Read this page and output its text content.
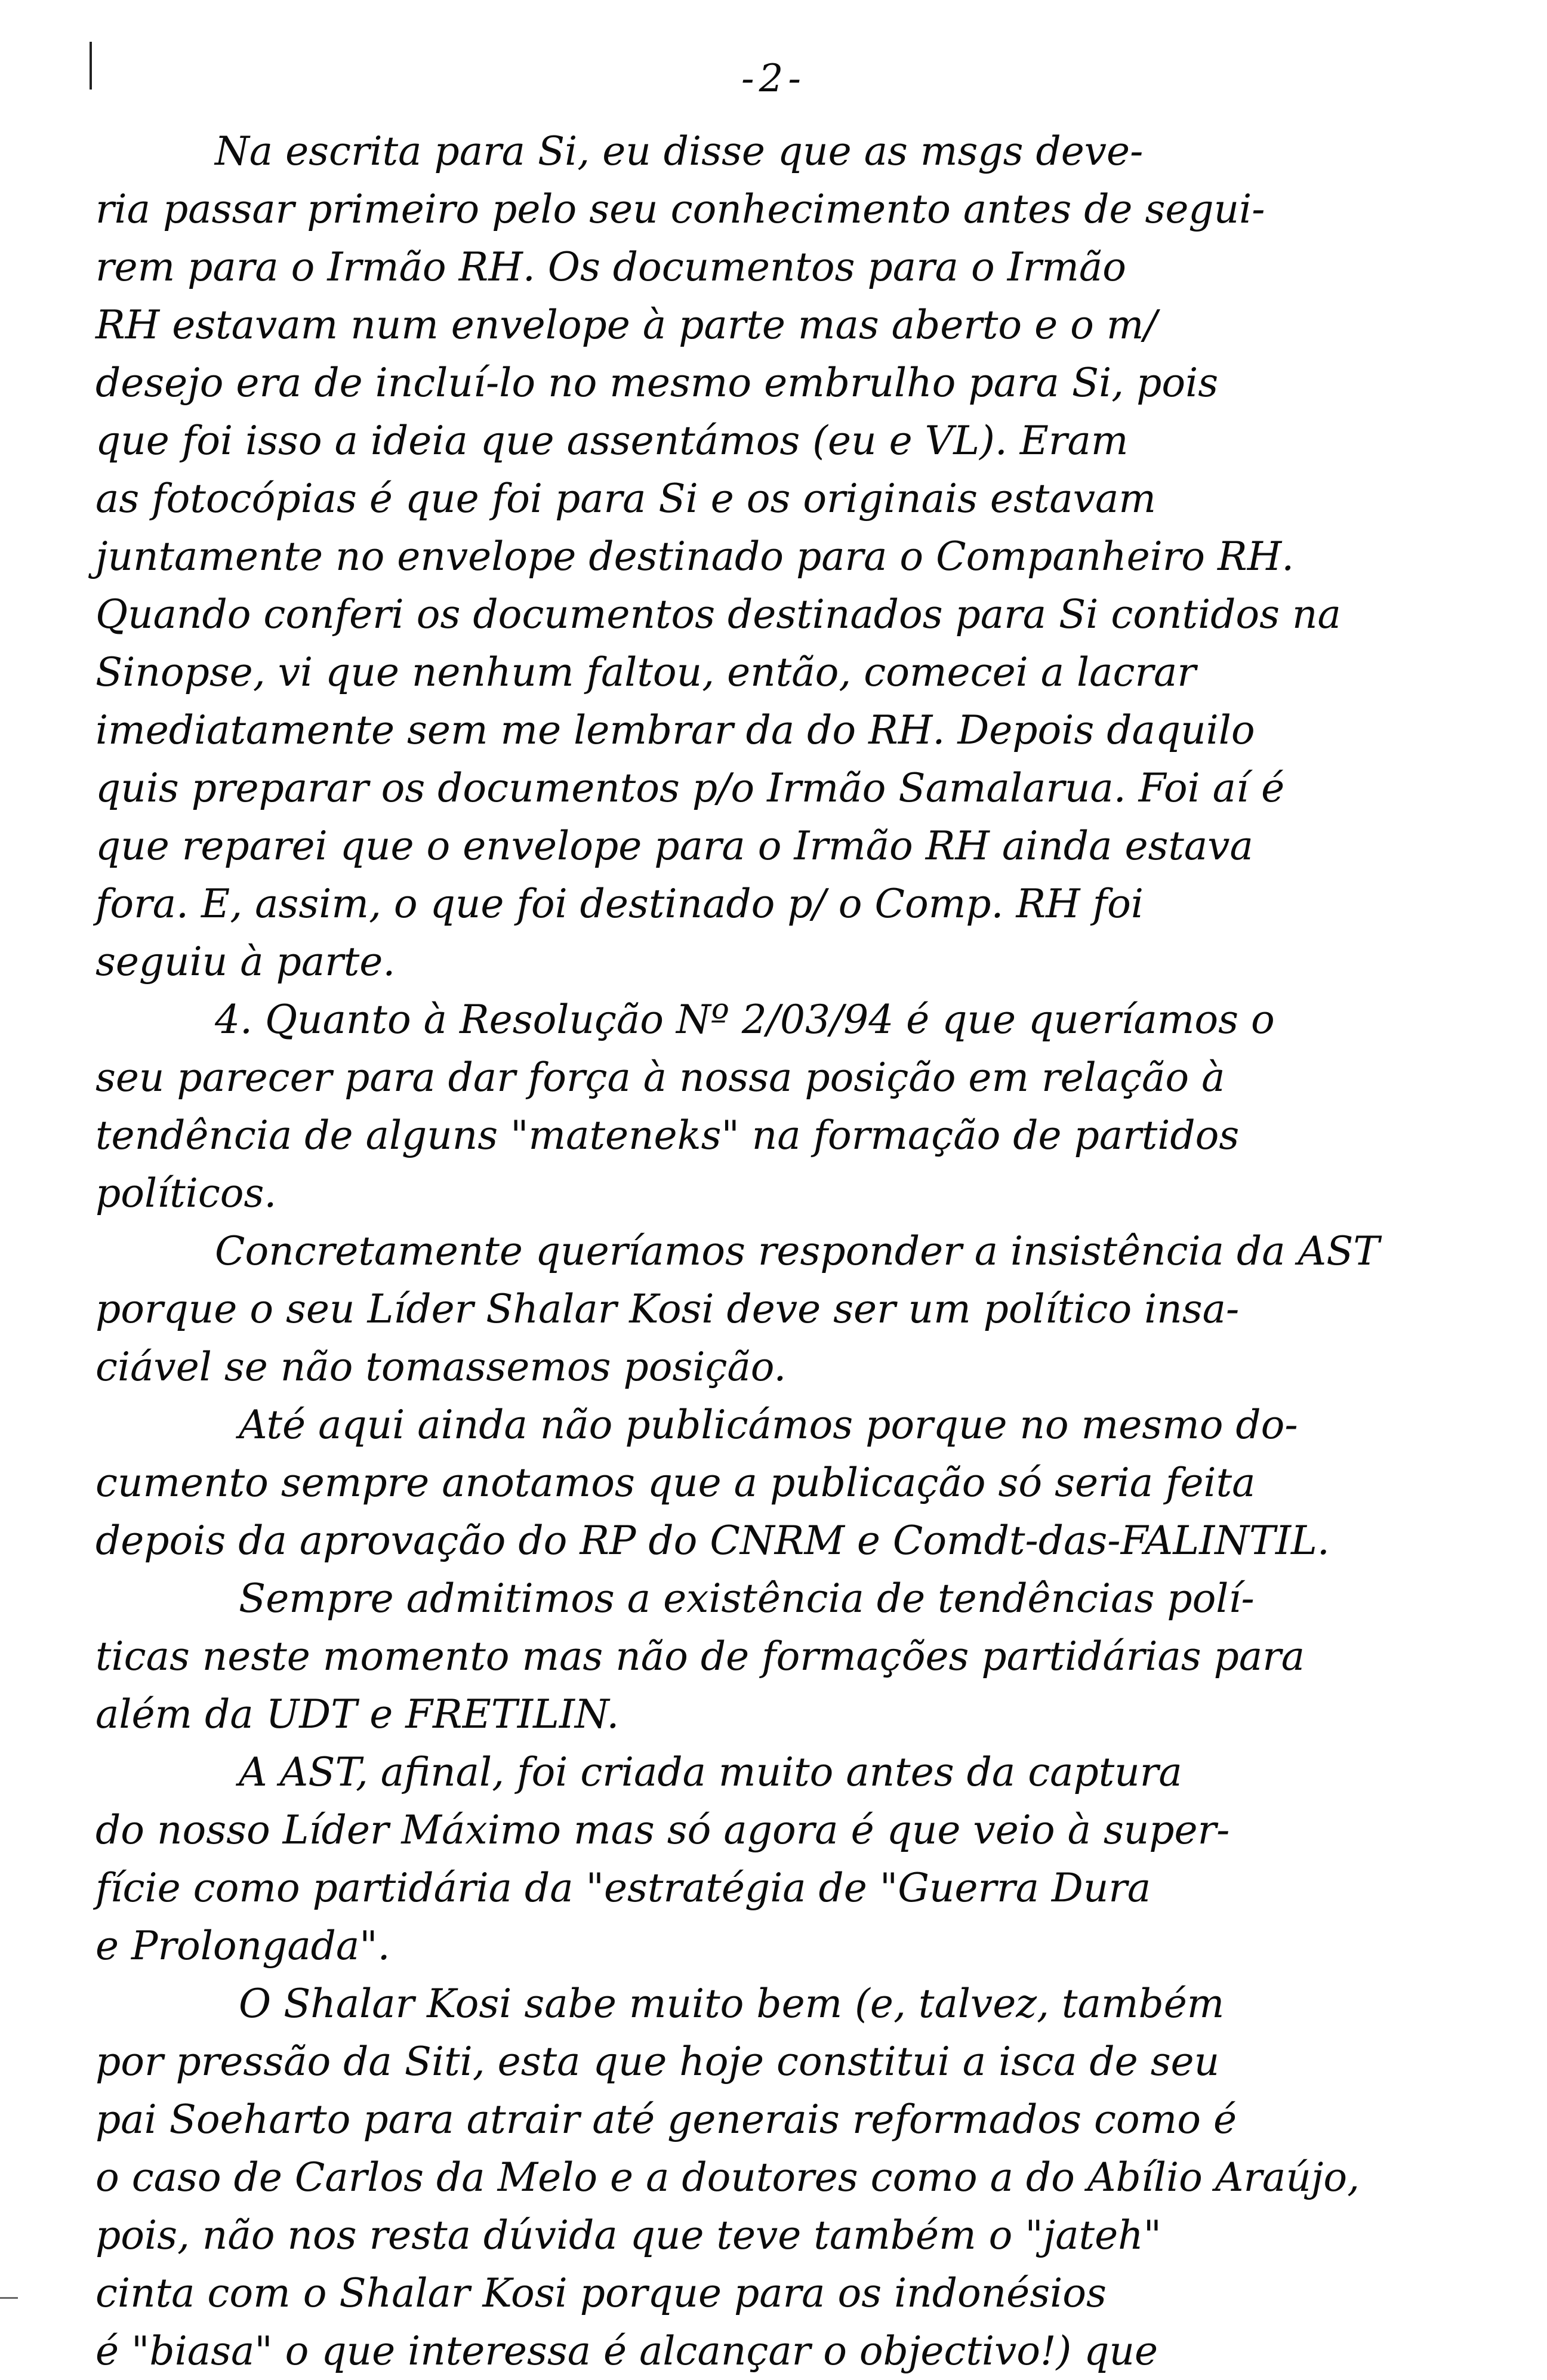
-2-
Na escrita para Si, eu disse que as msgs deve-
ria passar primeiro pelo seu conhecimento antes de segui-
rem para o Irmão RH. Os documentos para o Irmão
RH estavam num envelope à parte mas aberto e o m/
desejo era de incluí-lo no mesmo embrulho para Si, pois
que foi isso a ideia que assentámos (eu e VL). Eram
as fotocópias é que foi para Si e os originais estavam
juntamente no envelope destinado para o Companheiro RH.
Quando conferi os documentos destinados para Si contidos na
Sinopse, vi que nenhum faltou, então, comecei a lacrar
imediatamente sem me lembrar da do RH. Depois daquilo
quis preparar os documentos p/o Irmão Samalarua. Foi aí é
que reparei que o envelope para o Irmão RH ainda estava
fora. E, assim, o que foi destinado p/ o Comp. RH foi
seguiu à parte.
4. Quanto à Resolução Nº 2/03/94 é que queríamos o
seu parecer para dar força à nossa posição em relação à
tendência de alguns "mateneks" na formação de partidos
políticos.
Concretamente queríamos responder a insistência da AST
porque o seu Líder Shalar Kosi deve ser um político insa-
ciável se não tomassemos posição.
Até aqui ainda não publicámos porque no mesmo do-
cumento sempre anotamos que a publicação só seria feita
depois da aprovação do RP do CNRM e Comdt-das-FALINTIL.
Sempre admitimos a existência de tendências polí-
ticas neste momento mas não de formações partidárias para
além da UDT e FRETILIN.
A AST, afinal, foi criada muito antes da captura
do nosso Líder Máximo mas só agora é que veio à super-
fície como partidária da "estratégia de "Guerra Dura
e Prolongada".
O Shalar Kosi sabe muito bem (e, talvez, também
por pressão da Siti, esta que hoje constitui a isca de seu
pai Soeharto para atrair até generais reformados como é
o caso de Carlos da Melo e a doutores como a do Abílio Araújo,
pois, não nos resta dúvida que teve também o "jateh"
cinta com o Shalar Kosi porque para os indonésios
é "biasa" o que interessa é alcançar o objectivo!) que
